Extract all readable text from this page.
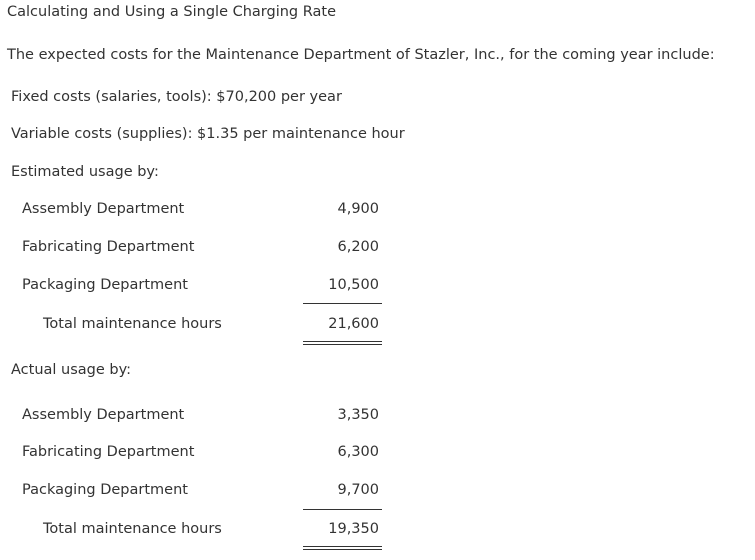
Calculating and Using a Single Charging Rate
The expected costs for the Maintenance Department of Stazler, Inc., for the coming year include:
Fixed costs (salaries, tools): $70,200 per year
Variable costs (supplies): $1.35 per maintenance hour
Estimated usage by:
Assembly Department	4,900
Fabricating Department	6,200
Packaging Department	10,500
Total maintenance hours	21,600
Actual usage by:
Assembly Department	3,350
Fabricating Department	6,300
Packaging Department	9,700
Total maintenance hours	19,350
